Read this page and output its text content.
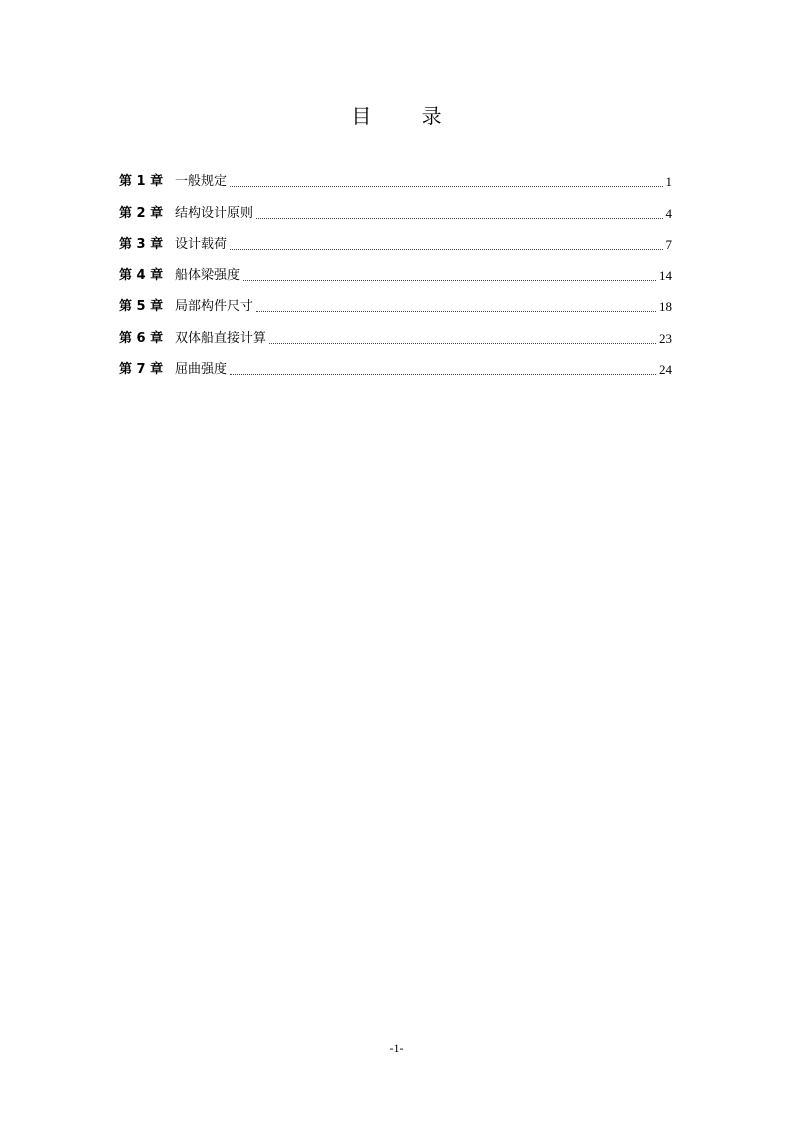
目 录
第 1 章 一般规定	1
第 2 章 结构设计原则	4
第 3 章 设计载荷	7
第 4 章 船体梁强度	14
第 5 章 局部构件尺寸	18
第 6 章 双体船直接计算	23
第 7 章 屈曲强度	24
-1-
